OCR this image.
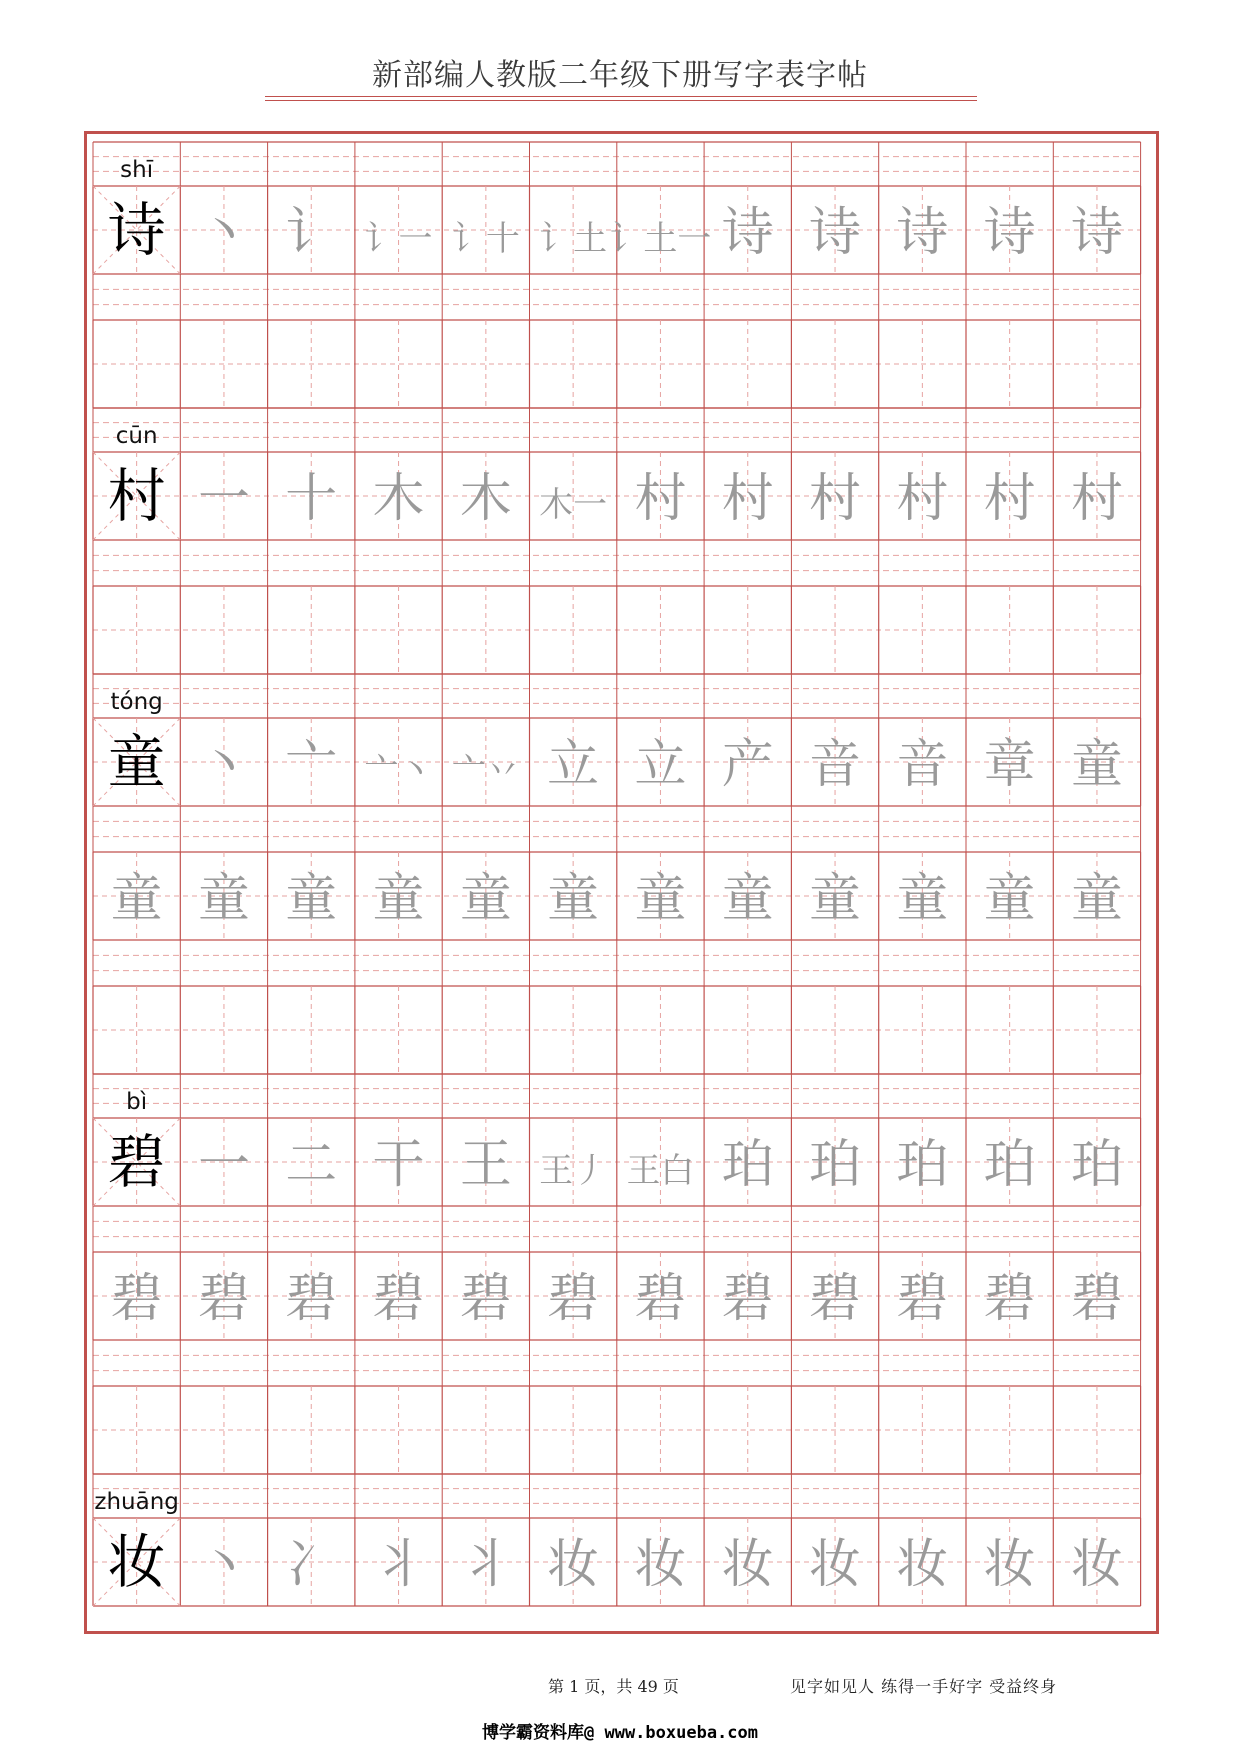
新部编人教版二年级下册写字表字帖
shī
诗 丶 讠 讠一 讠十 讠土 讠土一 诗 诗 诗 诗 诗
cūn
村 一 十 木 木 木一 村 村 村 村 村 村
tóng
童 丶 亠 亠丶 亠丷 立 立 产 音 音 章 童
童 童 童 童 童 童 童 童 童 童 童 童
bì
碧 一 二 干 王 王丿 王白 珀 珀 珀 珀 珀
碧 碧 碧 碧 碧 碧 碧 碧 碧 碧 碧 碧
zhuāng
妆 丶 冫 丬 丬 妆 妆 妆 妆 妆 妆 妆
第 1 页，共 49 页	见字如见人 练得一手好字 受益终身
博学霸资料库@ www.boxueba.com
